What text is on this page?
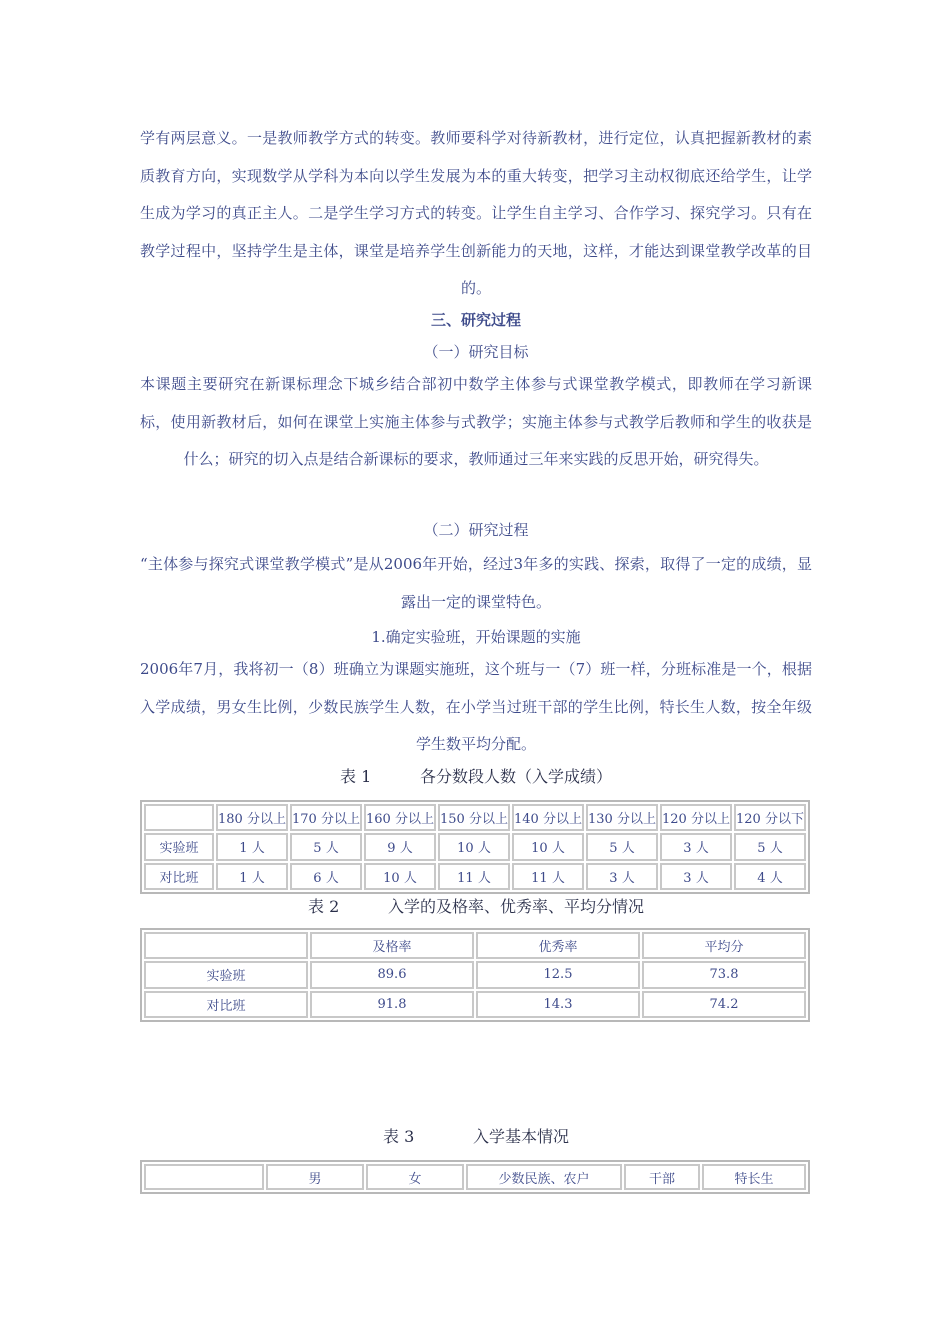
学有两层意义。一是教师教学方式的转变。教师要科学对待新教材，进行定位，认真把握新教材的素质教育方向，实现数学从学科为本向以学生发展为本的重大转变，把学习主动权彻底还给学生，让学生成为学习的真正主人。二是学生学习方式的转变。让学生自主学习、合作学习、探究学习。只有在教学过程中，坚持学生是主体，课堂是培养学生创新能力的天地，这样，才能达到课堂教学改革的目的。
三、研究过程
（一）研究目标
本课题主要研究在新课标理念下城乡结合部初中数学主体参与式课堂教学模式，即教师在学习新课标，使用新教材后，如何在课堂上实施主体参与式教学；实施主体参与式教学后教师和学生的收获是什么；研究的切入点是结合新课标的要求，教师通过三年来实践的反思开始，研究得失。
（二）研究过程
“主体参与探究式课堂教学模式”是从2006年开始，经过3年多的实践、探索，取得了一定的成绩，显露出一定的课堂特色。
1.确定实验班，开始课题的实施
2006年7月，我将初一（8）班确立为课题实施班，这个班与一（7）班一样，分班标准是一个，根据入学成绩，男女生比例，少数民族学生人数，在小学当过班干部的学生比例，特长生人数，按全年级学生数平均分配。
表 1	各分数段人数（入学成绩）
	180 分以上	170 分以上	160 分以上	150 分以上	140 分以上	130 分以上	120 分以上	120 分以下
实验班	1 人	5 人	9 人	10 人	10 人	5 人	3 人	5 人
对比班	1 人	6 人	10 人	11 人	11 人	3 人	3 人	4 人
表 2	入学的及格率、优秀率、平均分情况
	及格率	优秀率	平均分
实验班	89.6	12.5	73.8
对比班	91.8	14.3	74.2
表 3	入学基本情况
	男	女	少数民族、农户	干部	特长生
